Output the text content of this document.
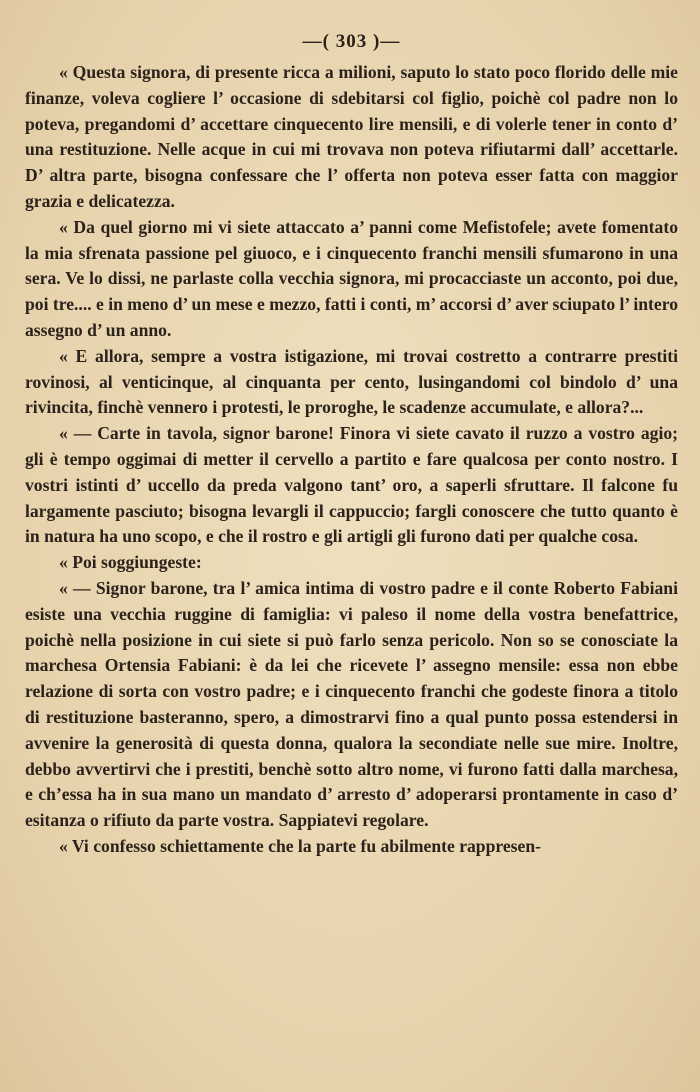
—( 303 )—

« Questa signora, di presente ricca a milioni, saputo lo stato poco florido delle mie finanze, voleva cogliere l’ occasione di sdebitarsi col figlio, poichè col padre non lo poteva, pregandomi d’ accettare cinquecento lire mensili, e di volerle tener in conto d’ una restituzione. Nelle acque in cui mi trovava non poteva rifiutarmi dall’ accettarle. D’ altra parte, bisogna confessare che l’ offerta non poteva esser fatta con maggior grazia e delicatezza.

« Da quel giorno mi vi siete attaccato a’ panni come Mefistofele; avete fomentato la mia sfrenata passione pel giuoco, e i cinquecento franchi mensili sfumarono in una sera. Ve lo dissi, ne parlaste colla vecchia signora, mi procacciaste un acconto, poi due, poi tre.... e in meno d’ un mese e mezzo, fatti i conti, m’ accorsi d’ aver sciupato l’ intero assegno d’ un anno.

« E allora, sempre a vostra istigazione, mi trovai costretto a contrarre prestiti rovinosi, al venticinque, al cinquanta per cento, lusingandomi col bindolo d’ una rivincita, finchè vennero i protesti, le proroghe, le scadenze accumulate, e allora?...

« — Carte in tavola, signor barone! Finora vi siete cavato il ruzzo a vostro agio; gli è tempo oggimai di metter il cervello a partito e fare qualcosa per conto nostro. I vostri istinti d’ uccello da preda valgono tant’ oro, a saperli sfruttare. Il falcone fu largamente pasciuto; bisogna levargli il cappuccio; fargli conoscere che tutto quanto è in natura ha uno scopo, e che il rostro e gli artigli gli furono dati per qualche cosa.

« Poi soggiungeste:

« — Signor barone, tra l’ amica intima di vostro padre e il conte Roberto Fabiani esiste una vecchia ruggine di famiglia: vi paleso il nome della vostra benefattrice, poichè nella posizione in cui siete si può farlo senza pericolo. Non so se conosciate la marchesa Ortensia Fabiani: è da lei che ricevete l’ assegno mensile: essa non ebbe relazione di sorta con vostro padre; e i cinquecento franchi che godeste finora a titolo di restituzione basteranno, spero, a dimostrarvi fino a qual punto possa estendersi in avvenire la generosità di questa donna, qualora la secondiate nelle sue mire. Inoltre, debbo avvertirvi che i prestiti, benchè sotto altro nome, vi furono fatti dalla marchesa, e ch’essa ha in sua mano un mandato d’ arresto d’ adoperarsi prontamente in caso d’ esitanza o rifiuto da parte vostra. Sappiatevi regolare.

« Vi confesso schiettamente che la parte fu abilmente rappresen-
